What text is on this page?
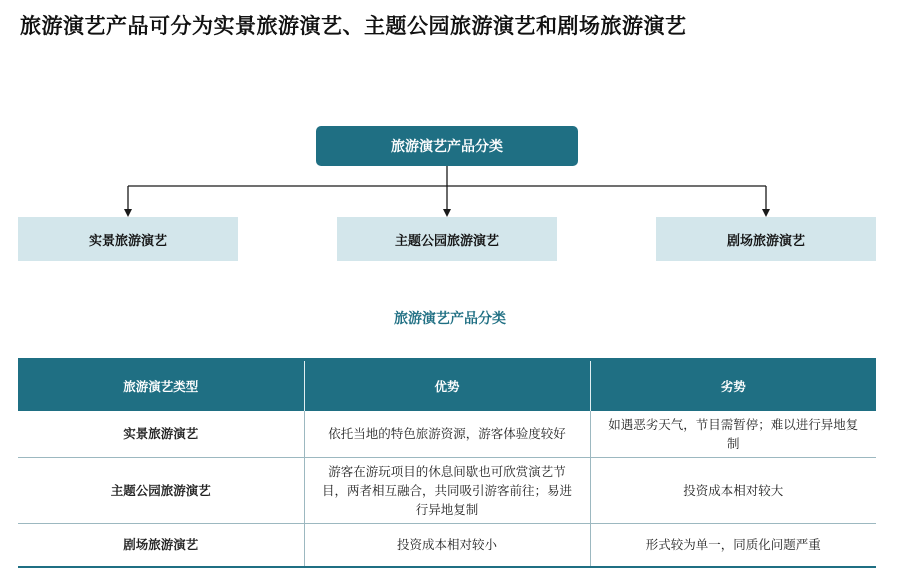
旅游演艺产品可分为实景旅游演艺、主题公园旅游演艺和剧场旅游演艺
旅游演艺产品分类
实景旅游演艺	主题公园旅游演艺	剧场旅游演艺
旅游演艺产品分类
旅游演艺类型	优势	劣势
实景旅游演艺	依托当地的特色旅游资源，游客体验度较好	如遇恶劣天气，节目需暂停；难以进行异地复制
主题公园旅游演艺	游客在游玩项目的休息间歇也可欣赏演艺节目，两者相互融合，共同吸引游客前往；易进行异地复制	投资成本相对较大
剧场旅游演艺	投资成本相对较小	形式较为单一，同质化问题严重
